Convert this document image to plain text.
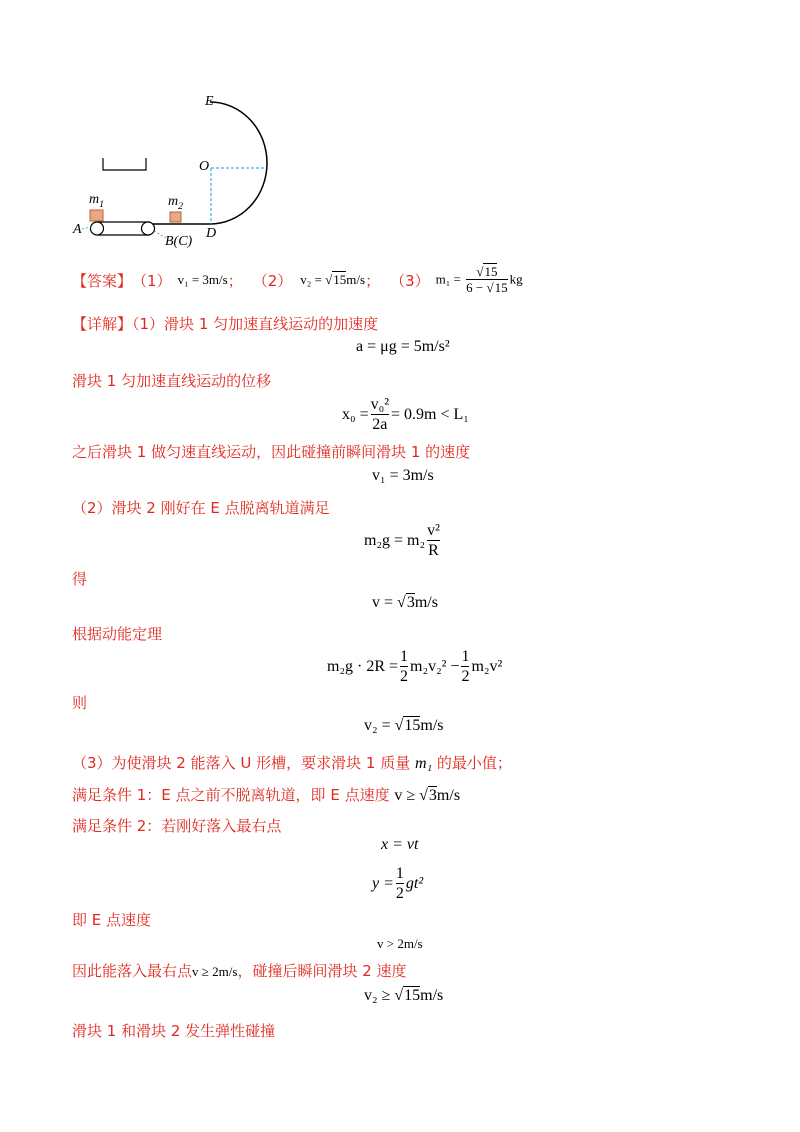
E
O
$m_1$	$m_2$
A
B(C)
D
【答案】 （1） v₁ = 3m/s ； （2） v₂ = √15m/s ； （3） $m_1 = \frac{√15}{6 - √15}$ kg
【详解】（1）滑块 1 匀加速直线运动的加速度
a = μg = 5m/s²
滑块 1 匀加速直线运动的位移
$x_0 = \frac{\text{v₀²}}{2a} = 0.9m < L_1$
之后滑块 1 做匀速直线运动，因此碰撞前瞬间滑块 1 的速度
v₁ = 3m/s
（2）滑块 2 刚好在 E 点脱离轨道满足
$m_2g = m_2 \frac{\text{v²}}{R}$
得
v = √3m/s
根据动能定理
$m_2g \cdot 2R = \frac{1}{2} m_2v_2^2 - \frac{1}{2} m_2v^2$
则
v₂ = √15m/s
（3）为使滑块 2 能落入 U 形槽，要求滑块 1 质量 m₁ 的最小值；
满足条件 1：E 点之前不脱离轨道，即 E 点速度 v ≥ √3m/s
满足条件 2：若刚好落入最右点
x = vt
$y = \frac{1}{2} gt^2$
即 E 点速度
v > 2m/s
因此能落入最右点v ≥ 2m/s，碰撞后瞬间滑块 2 速度
v₂ ≥ √15m/s
滑块 1 和滑块 2 发生弹性碰撞
